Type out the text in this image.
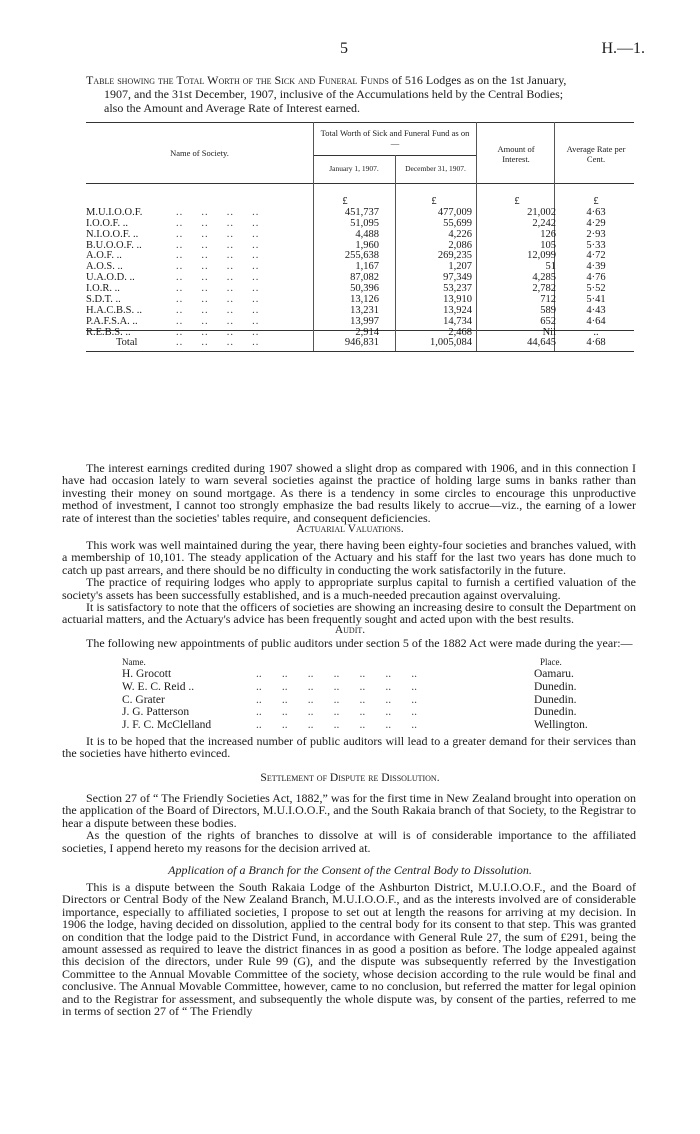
5	H.—1.
Table showing the Total Worth of the Sick and Funeral Funds of 516 Lodges as on the 1st January,
1907, and the 31st December, 1907, inclusive of the Accumulations held by the Central Bodies;
also the Amount and Average Rate of Interest earned.
Name of Society.
Total Worth of Sick and Funeral Fund as on—
January 1, 1907.	December 31, 1907.
Amount of Interest.
Average Rate per Cent.
£	£	£	£
M.U.I.O.O.F.	451,737	477,009	21,002	4·63
..     ..     ..     ..
I.O.O.F. ..	51,095	55,699	2,242	4·29
..     ..     ..     ..
N.I.O.O.F. ..	4,488	4,226	126	2·93
..     ..     ..     ..
B.U.O.O.F. ..	1,960	2,086	105	5·33
..     ..     ..     ..
A.O.F. ..	255,638	269,235	12,099	4·72
..     ..     ..     ..
A.O.S. ..	1,167	1,207	51	4·39
..     ..     ..     ..
U.A.O.D. ..	87,082	97,349	4,285	4·76
..     ..     ..     ..
I.O.R. ..	50,396	53,237	2,782	5·52
..     ..     ..     ..
S.D.T. ..	13,126	13,910	712	5·41
..     ..     ..     ..
H.A.C.B.S. ..	13,231	13,924	589	4·43
..     ..     ..     ..
P.A.F.S.A. ..	13,997	14,734	652	4·64
..     ..     ..     ..
R.E.B.S. ..	2,914	2,468	Nil	..
..     ..     ..     ..
Total	..     ..     ..     ..	946,831	1,005,084	44,645	4·68

The interest earnings credited during 1907 showed a slight drop as compared with 1906, and in this connection I have had occasion lately to warn several societies against the practice of holding large sums in banks rather than investing their money on sound mortgage. As there is a tendency in some circles to encourage this unproductive method of investment, I cannot too strongly emphasize the bad results likely to accrue—viz., the earning of a lower rate of interest than the societies' tables require, and consequent deficiencies.

Actuarial Valuations.

This work was well maintained during the year, there having been eighty-four societies and branches valued, with a membership of 10,101. The steady application of the Actuary and his staff for the last two years has done much to catch up past arrears, and there should be no difficulty in conducting the work satisfactorily in the future.

The practice of requiring lodges who apply to appropriate surplus capital to furnish a certified valuation of the society's assets has been successfully established, and is a much-needed precaution against overvaluing.

It is satisfactory to note that the officers of societies are showing an increasing desire to consult the Department on actuarial matters, and the Actuary's advice has been frequently sought and acted upon with the best results.

Audit.

The following new appointments of public auditors under section 5 of the 1882 Act were made during the year:—

Name.	Place.
H. Grocott	..       ..       ..       ..       ..       ..       ..	Oamaru.
W. E. C. Reid ..	..       ..       ..       ..       ..       ..       ..	Dunedin.
C. Grater	..       ..       ..       ..       ..       ..       ..	Dunedin.
J. G. Patterson	..       ..       ..       ..       ..       ..       ..	Dunedin.
J. F. C. McClelland	..       ..       ..       ..       ..       ..       ..	Wellington.

It is to be hoped that the increased number of public auditors will lead to a greater demand for their services than the societies have hitherto evinced.

Settlement of Dispute re Dissolution.

Section 27 of “ The Friendly Societies Act, 1882,” was for the first time in New Zealand brought into operation on the application of the Board of Directors, M.U.I.O.O.F., and the South Rakaia branch of that Society, to the Registrar to hear a dispute between these bodies.

As the question of the rights of branches to dissolve at will is of considerable importance to the affiliated societies, I append hereto my reasons for the decision arrived at.

Application of a Branch for the Consent of the Central Body to Dissolution.

This is a dispute between the South Rakaia Lodge of the Ashburton District, M.U.I.O.O.F., and the Board of Directors or Central Body of the New Zealand Branch, M.U.I.O.O.F., and as the interests involved are of considerable importance, especially to affiliated societies, I propose to set out at length the reasons for arriving at my decision. In 1906 the lodge, having decided on dissolution, applied to the central body for its consent to that step. This was granted on condition that the lodge paid to the District Fund, in accordance with General Rule 27, the sum of £291, being the amount assessed as required to leave the district finances in as good a position as before. The lodge appealed against this decision of the directors, under Rule 99 (G), and the dispute was subsequently referred by the Investigation Committee to the Annual Movable Committee of the society, whose decision according to the rule would be final and conclusive. The Annual Movable Committee, however, came to no conclusion, but referred the matter for legal opinion and to the Registrar for assessment, and subsequently the whole dispute was, by consent of the parties, referred to me in terms of section 27 of “ The Friendly
